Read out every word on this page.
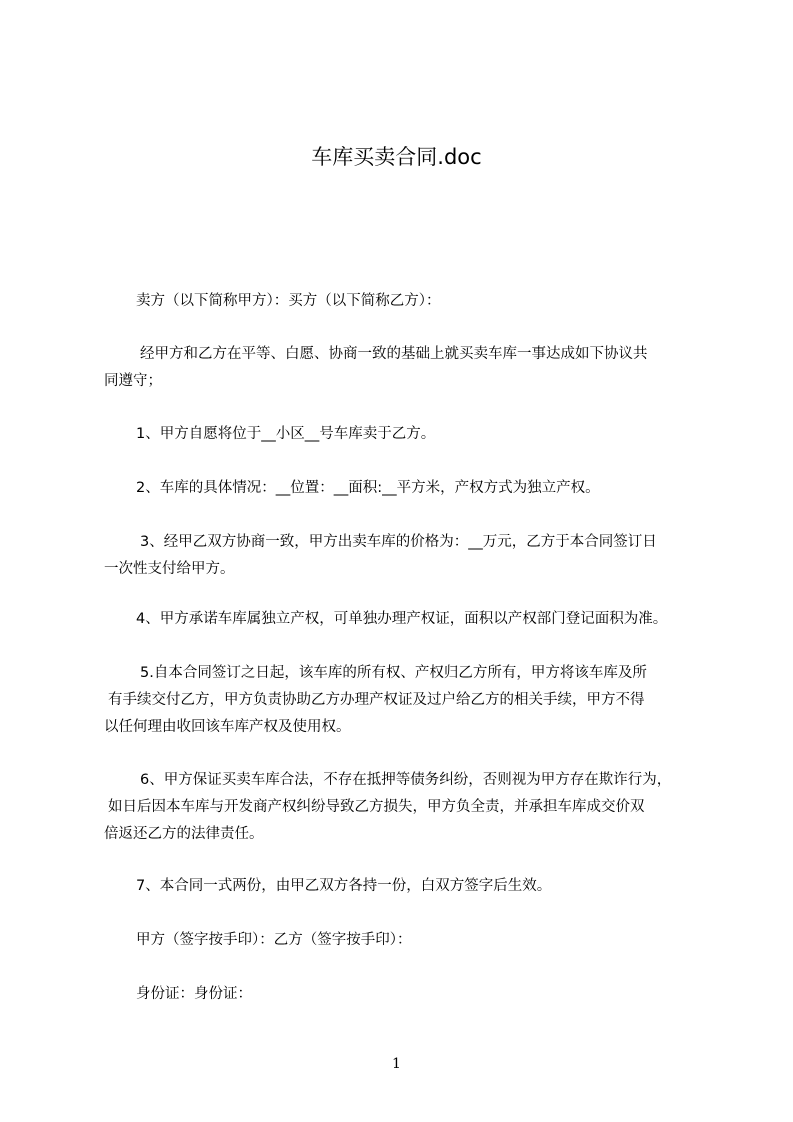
车库买卖合同.doc
卖方（以下简称甲方）：买方（以下简称乙方）：
经甲方和乙方在平等、白愿、协商一致的基础上就买卖车库一事达成如下协议共
同遵守；
1、甲方自愿将位于__小区__号车库卖于乙方。
2、车库的具体情况：__位置：__面积:__平方米，产权方式为独立产权。
3、经甲乙双方协商一致，甲方出卖车库的价格为：__万元，乙方于本合同签订日
一次性支付给甲方。
4、甲方承诺车库属独立产权，可单独办理产权证，面积以产权部门登记面积为准。
5.自本合同签订之日起，该车库的所有权、产权归乙方所有，甲方将该车库及所
有手续交付乙方，甲方负责协助乙方办理产权证及过户给乙方的相关手续，甲方不得
以任何理由收回该车库产权及使用权。
6、甲方保证买卖车库合法，不存在抵押等债务纠纷，否则视为甲方存在欺诈行为，
如日后因本车库与开发商产权纠纷导致乙方损失，甲方负全责，并承担车库成交价双
倍返还乙方的法律责任。
7、本合同一式两份，由甲乙双方各持一份，白双方签字后生效。
甲方（签字按手印）：乙方（签字按手印）：
身份证：身份证：
1
